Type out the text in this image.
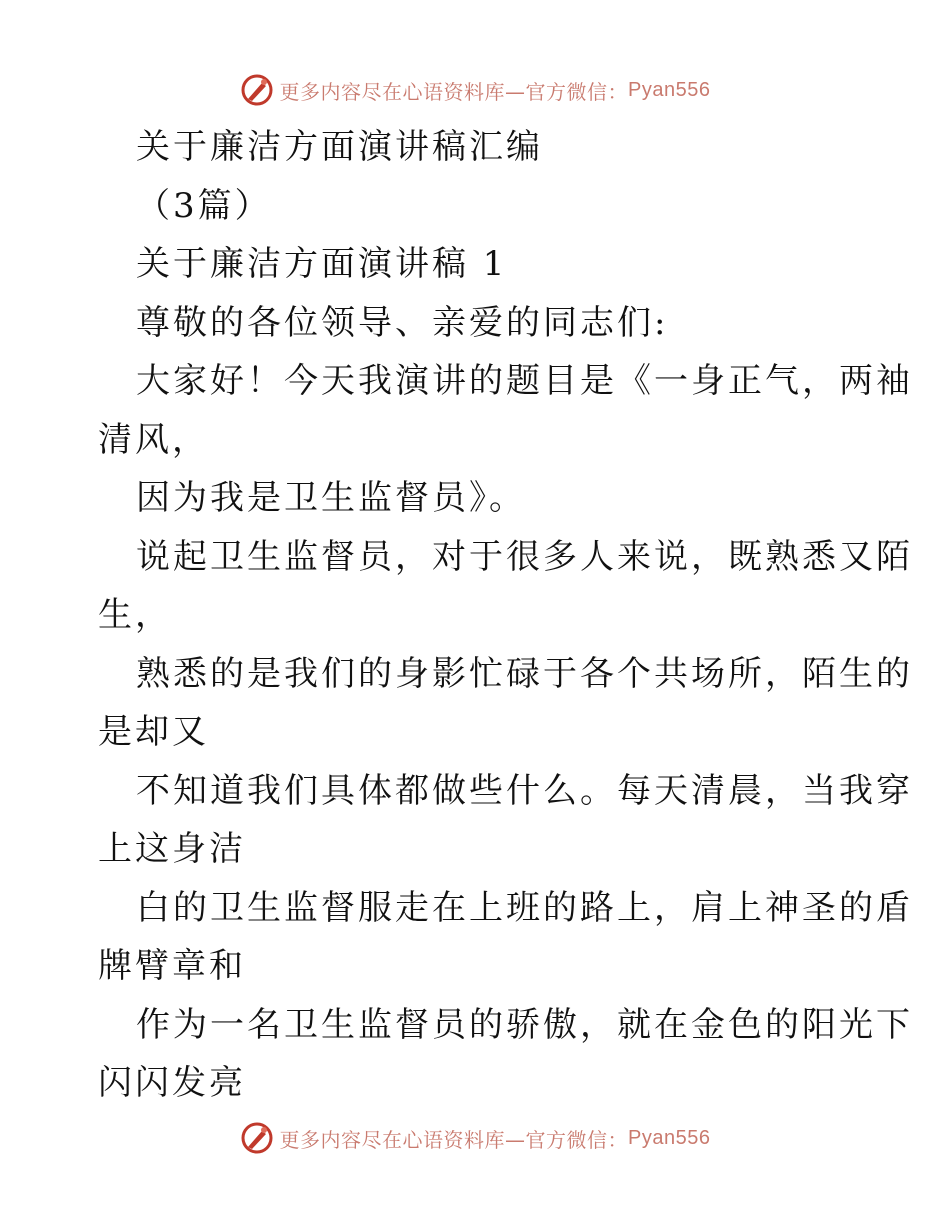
更多内容尽在心语资料库—官方微信： Pyan556

关于廉洁方面演讲稿汇编

（3篇）

关于廉洁方面演讲稿 1

尊敬的各位领导、亲爱的同志们:

大家好！今天我演讲的题目是《一身正气，两袖

清风，

因为我是卫生监督员》。

说起卫生监督员，对于很多人来说，既熟悉又陌

生，

熟悉的是我们的身影忙碌于各个共场所，陌生的

是却又

不知道我们具体都做些什么。每天清晨，当我穿

上这身洁

白的卫生监督服走在上班的路上，肩上神圣的盾

牌臂章和

作为一名卫生监督员的骄傲，就在金色的阳光下

闪闪发亮

更多内容尽在心语资料库—官方微信： Pyan556
